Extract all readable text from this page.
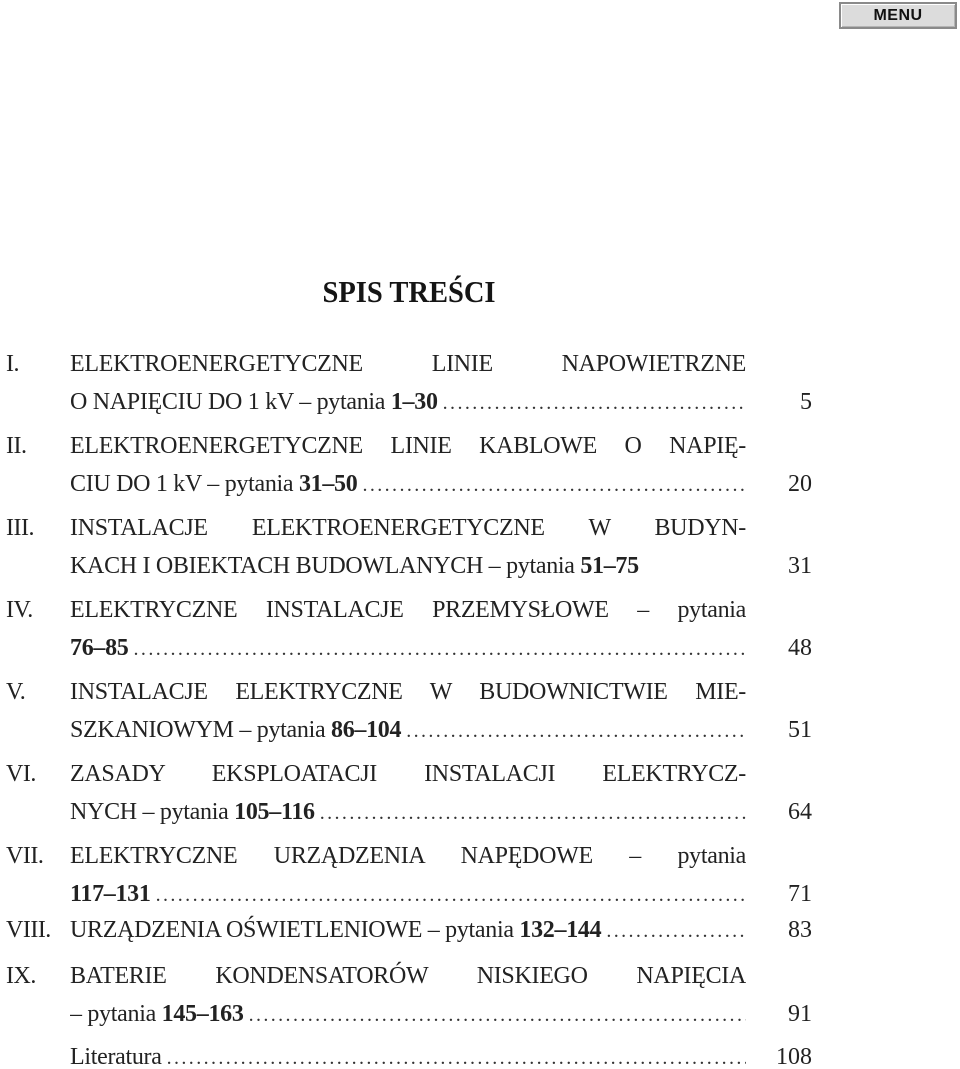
MENU
SPIS TREŚCI
I. ELEKTROENERGETYCZNE LINIE NAPOWIETRZNE
O NAPIĘCIU DO 1 kV – pytania 1–30 .....	5
II. ELEKTROENERGETYCZNE LINIE KABLOWE O NAPIĘ-
CIU DO 1 kV – pytania 31–50 .....	20
III. INSTALACJE ELEKTROENERGETYCZNE W BUDYN-
KACH I OBIEKTACH BUDOWLANYCH – pytania 51–75	31
IV. ELEKTRYCZNE INSTALACJE PRZEMYSŁOWE – pytania
76–85 .....	48
V. INSTALACJE ELEKTRYCZNE W BUDOWNICTWIE MIE-
SZKANIOWYM – pytania 86–104 .....	51
VI. ZASADY EKSPLOATACJI INSTALACJI ELEKTRYCZ-
NYCH – pytania 105–116 .....	64
VII. ELEKTRYCZNE URZĄDZENIA NAPĘDOWE – pytania
117–131 .....	71
VIII. URZĄDZENIA OŚWIETLENIOWE – pytania 132–144 .....	83
IX. BATERIE KONDENSATORÓW NISKIEGO NAPIĘCIA
– pytania 145–163 .....	91
Literatura .....	108
